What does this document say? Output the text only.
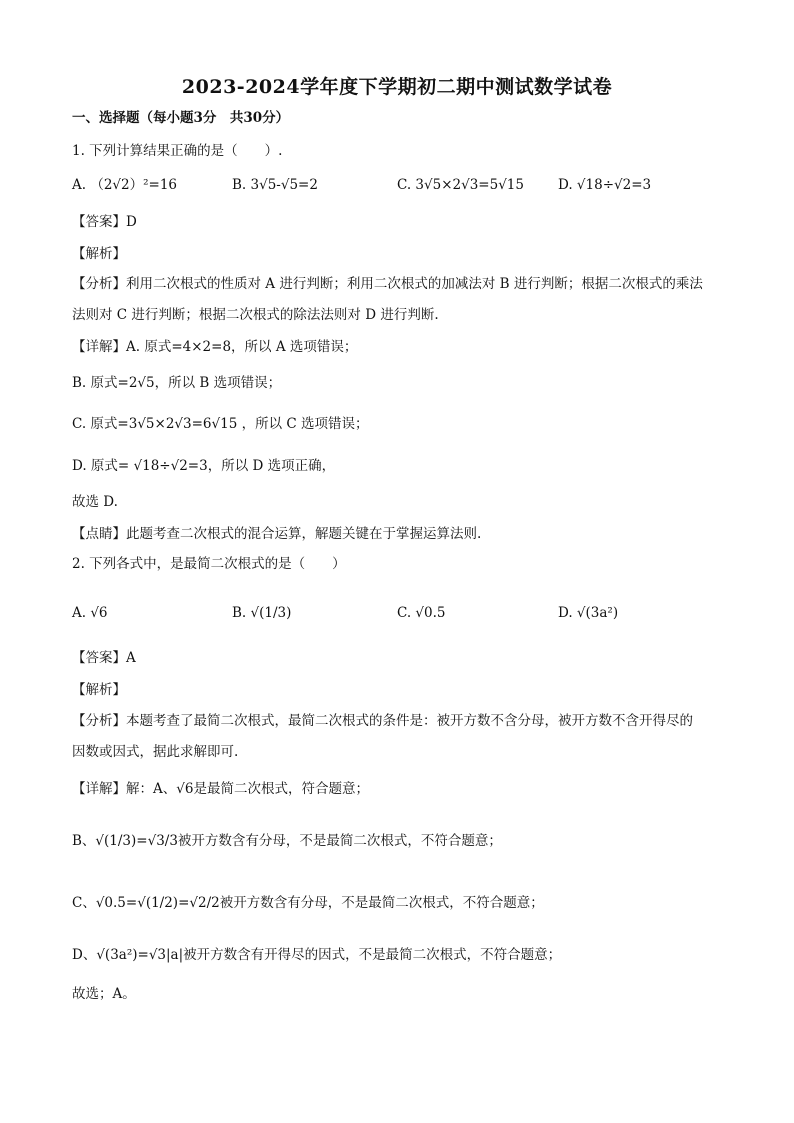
2023-2024学年度下学期初二期中测试数学试卷
一、选择题（每小题3分　共30分）
1. 下列计算结果正确的是（　　）.
A. （2√2）²=16	B. 3√5-√5=2	C. 3√5×2√3=5√15	D. √18÷√2=3
【答案】D
【解析】
【分析】利用二次根式的性质对 A 进行判断；利用二次根式的加减法对 B 进行判断；根据二次根式的乘法
法则对 C 进行判断；根据二次根式的除法法则对 D 进行判断.
【详解】A. 原式=4×2=8，所以 A 选项错误；
B. 原式=2√5，所以 B 选项错误；
C. 原式=3√5×2√3=6√15 ，所以 C 选项错误；
D. 原式= √18÷√2=3，所以 D 选项正确，
故选 D.
【点睛】此题考查二次根式的混合运算，解题关键在于掌握运算法则.
2. 下列各式中，是最简二次根式的是（　　）
A. √6	B. √(1/3)	C. √0.5	D. √(3a²)
【答案】A
【解析】
【分析】本题考查了最简二次根式，最简二次根式的条件是：被开方数不含分母，被开方数不含开得尽的
因数或因式，据此求解即可.
【详解】解：A、√6是最简二次根式，符合题意；
B、√(1/3)=√3/3被开方数含有分母，不是最简二次根式，不符合题意；
C、√0.5=√(1/2)=√2/2被开方数含有分母，不是最简二次根式，不符合题意；
D、√(3a²)=√3|a|被开方数含有开得尽的因式，不是最简二次根式，不符合题意；
故选；A。
